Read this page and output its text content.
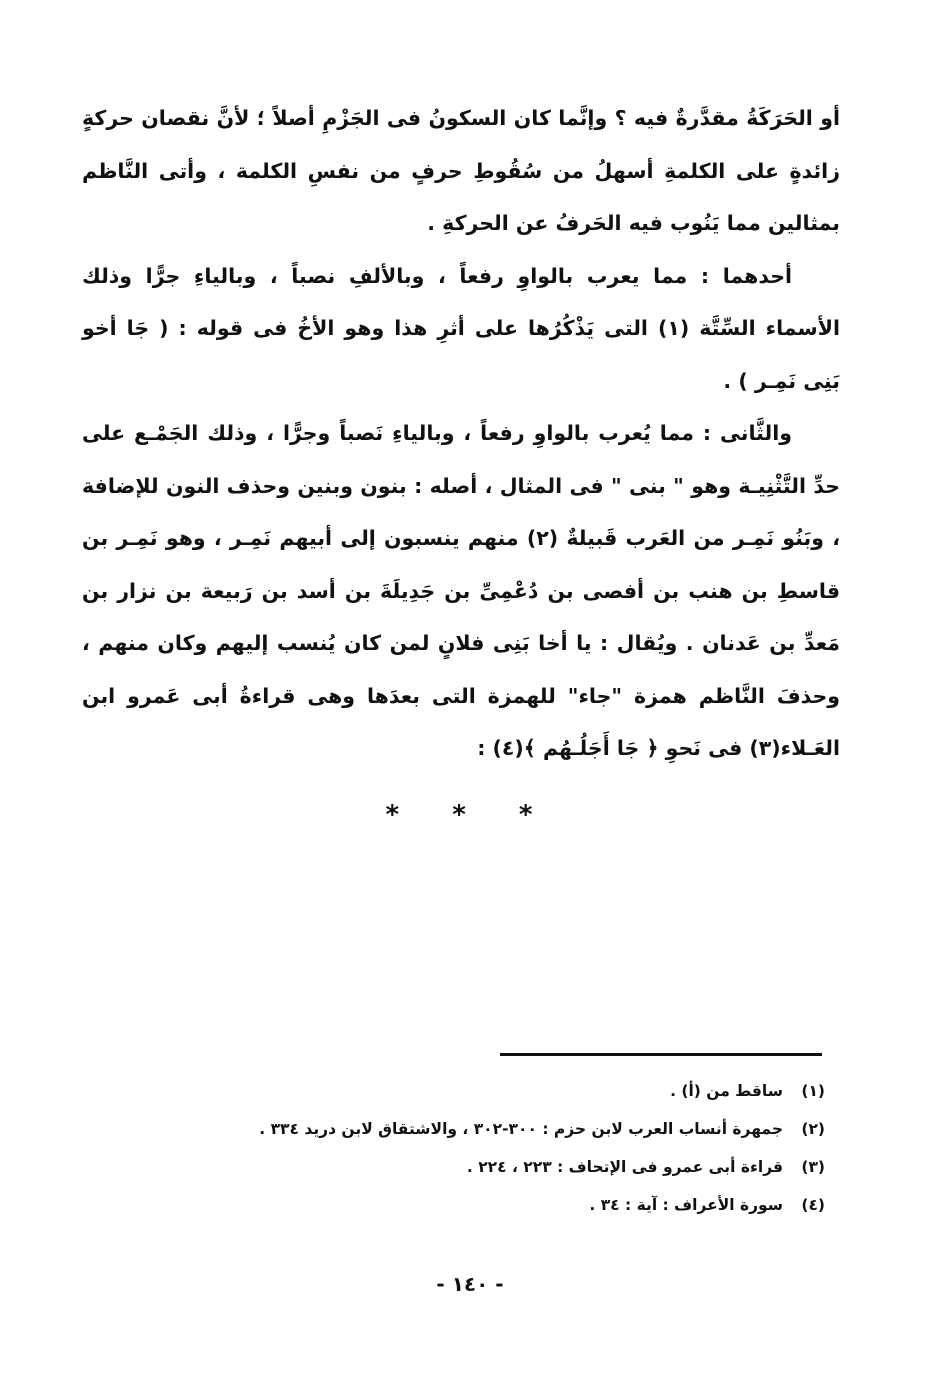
أو الحَرَكَةُ مقدَّرةٌ فيه ؟ وإنَّما كان السكونُ فى الجَزْمِ أصلاً ؛ لأنَّ نقصان حركةٍ زائدةٍ على الكلمةِ أسهلُ من سُقُوطِ حرفٍ من نفسِ الكلمة ، وأتى النَّاظم بمثالين مما يَنُوب فيه الحَرفُ عن الحركةِ .

أحدهما : مما يعرب بالواوِ رفعاً ، وبالألفِ نصباً ، وبالياءِ جرًّا وذلك الأسماء السِّتَّة (١) التى يَذْكُرُها على أثرِ هذا وهو الأخُ فى قوله : ( جَا أخو بَنِى نَمِـر ) .

والثَّانى : مما يُعرب بالواوِ رفعاً ، وبالياءِ نَصباً وجرًّا ، وذلك الجَمْـع على حدِّ التَّثْنِيـة وهو " بنى " فى المثال ، أصله : بنون وبنين وحذف النون للإضافة ، وبَنُو نَمِـر من العَرب قَبيلةٌ (٢) منهم ينسبون إلى أبيهم نَمِـر ، وهو نَمِـر بن قاسطِ بن هنب بن أفصى بن دُعْمِىِّ بن جَدِيلَةَ بن أسد بن رَبيعة بن نزار بن مَعدِّ بن عَدنان . ويُقال : يا أخا بَنِى فلانٍ لمن كان يُنسب إليهم وكان منهم ، وحذفَ النَّاظم همزة "جاء" للهمزة التى بعدَها وهى قراءةُ أبى عَمرو ابن العَـلاء(٣) فى نَحوِ ﴿ جَا أَجَلُـهُم ﴾(٤) :

* * *
(١)
ساقط من (أ) .
(٢)
جمهرة أنساب العرب لابن حزم : ٣٠٠-٣٠٢ ، والاشتقاق لابن دريد ٣٣٤ .
(٣)
قراءة أبى عمرو فى الإتحاف : ٢٢٣ ، ٢٢٤ .
(٤)
سورة الأعراف : آية : ٣٤ .
- ١٤٠ -
